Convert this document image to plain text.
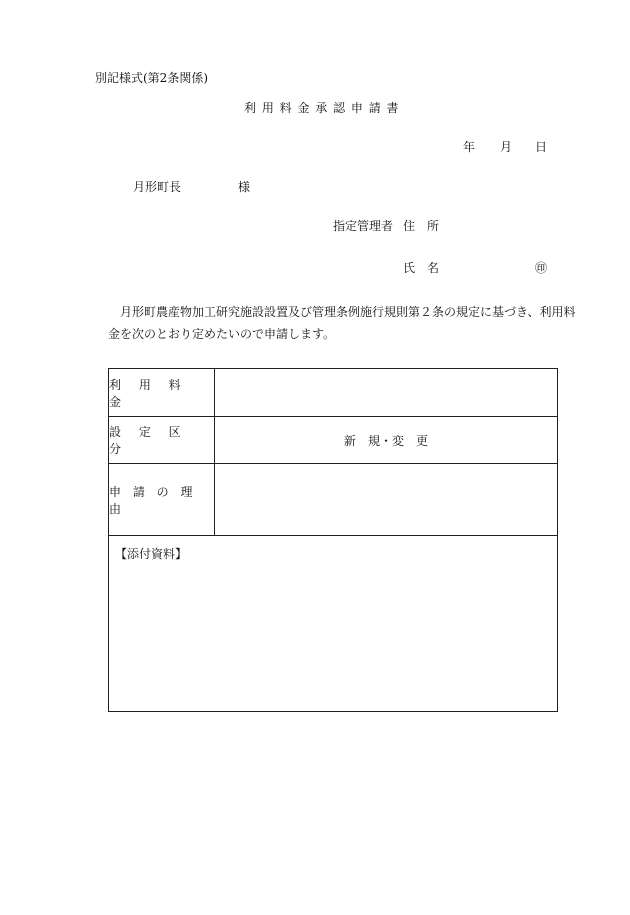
別記様式(第2条関係)
利 用 料 金 承 認 申 請 書
年 月 日
月形町長	様
指定管理者 住　所
氏　名	㊞
月形町農産物加工研究施設設置及び管理条例施行規則第２条の規定に基づき、利用料
金を次のとおり定めたいので申請します。
利 用 料 金
設 定 区 分
新　規・変　更
申 請 の 理 由
【添付資料】
